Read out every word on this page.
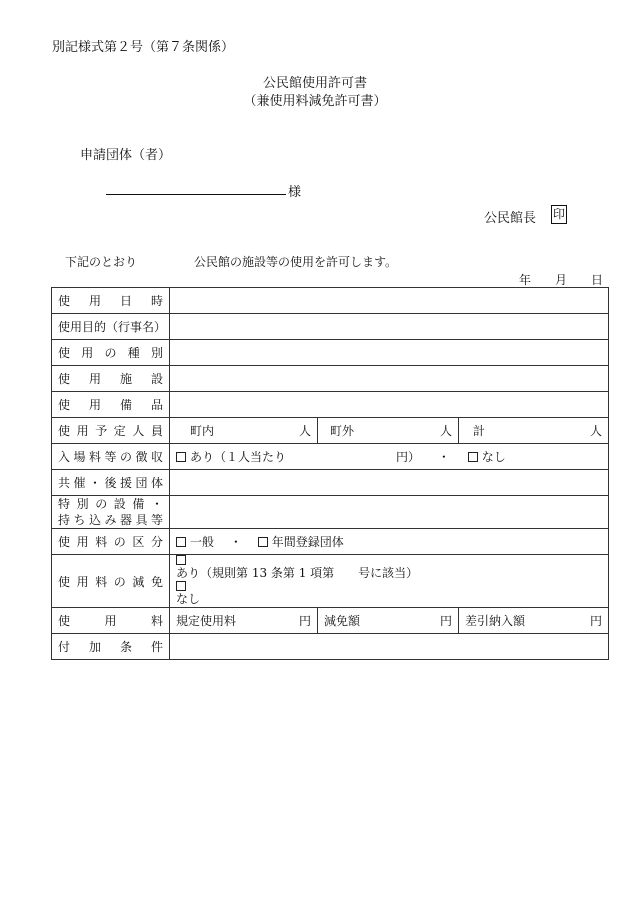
別記様式第２号（第７条関係）
公民館使用許可書
（兼使用料減免許可書）
申請団体（者）
様
公民館長 印
下記のとおり	公民館の施設等の使用を許可します。
年 月 日
使用日時			
使用目的（行事名）			
使用の種別			
使用施設			
使用備品			
使用予定人員	町内 人	町外 人	計 人

入場料等の徴収	あり（１人当たり 円） ・ なし		
共催・後援団体			

特別の設備・
持ち込み器具等			

使用料の区分	一般 ・ 年間登録団体		
使用料の減免	あり（規則第 13 条第 1 項第　　号に該当）
なし		

使用料	規定使用料 円	減免額 円	差引納入額 円

付加条件			
